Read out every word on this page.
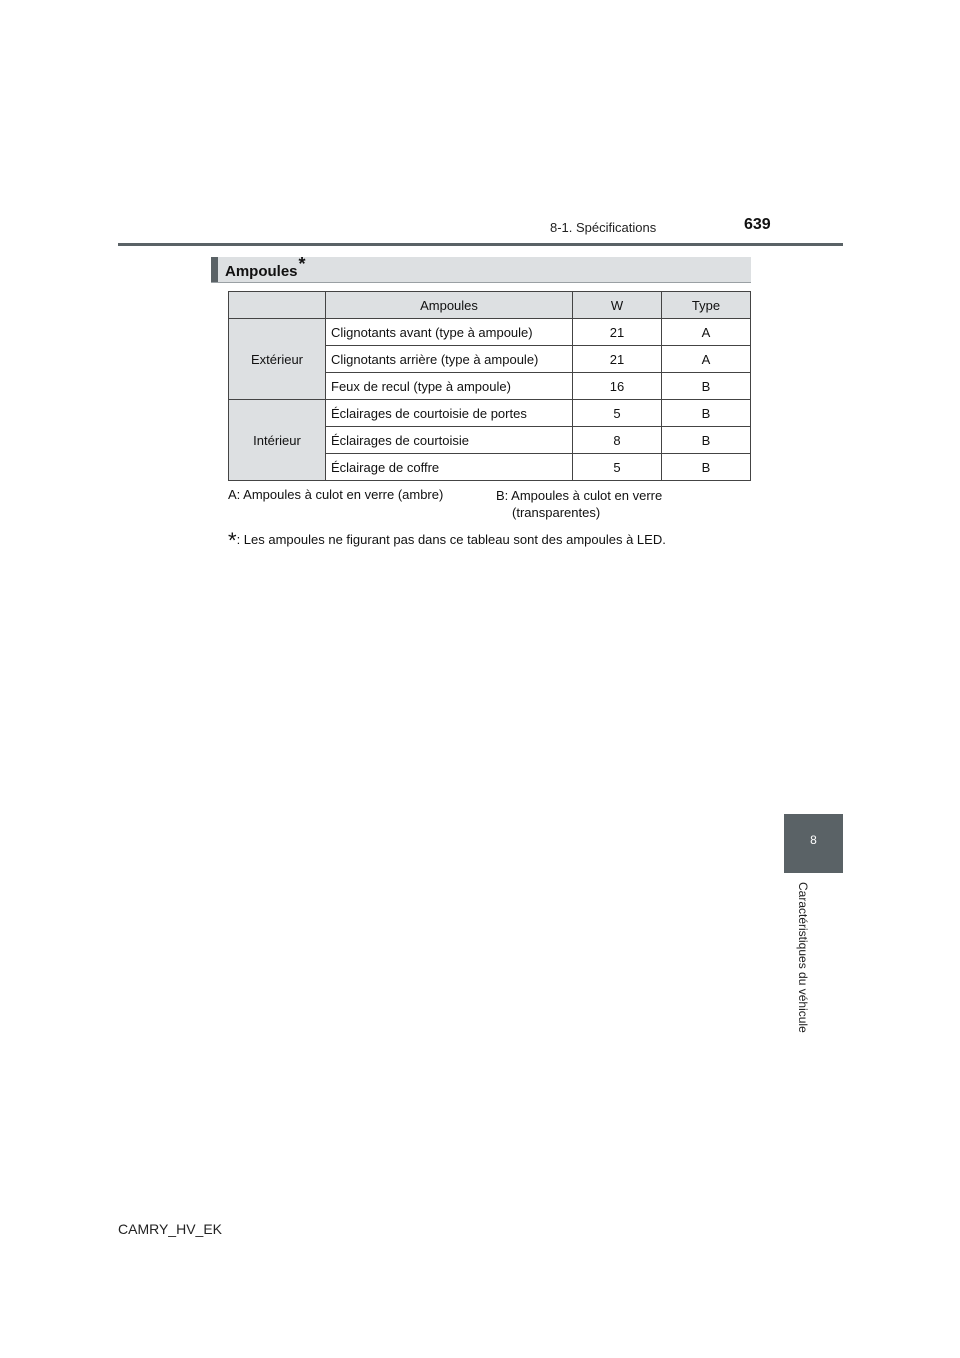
8-1. Spécifications	639
Ampoules*
	Ampoules	W	Type
Extérieur	Clignotants avant (type à ampoule)	21	A
	Clignotants arrière (type à ampoule)	21	A
	Feux de recul (type à ampoule)	16	B
Intérieur	Éclairages de courtoisie de portes	5	B
	Éclairages de courtoisie	8	B
	Éclairage de coffre	5	B
A: Ampoules à culot en verre (ambre)	B: Ampoules à culot en verre
(transparentes)
*: Les ampoules ne figurant pas dans ce tableau sont des ampoules à LED.
8
Caractéristiques du véhicule
CAMRY_HV_EK
